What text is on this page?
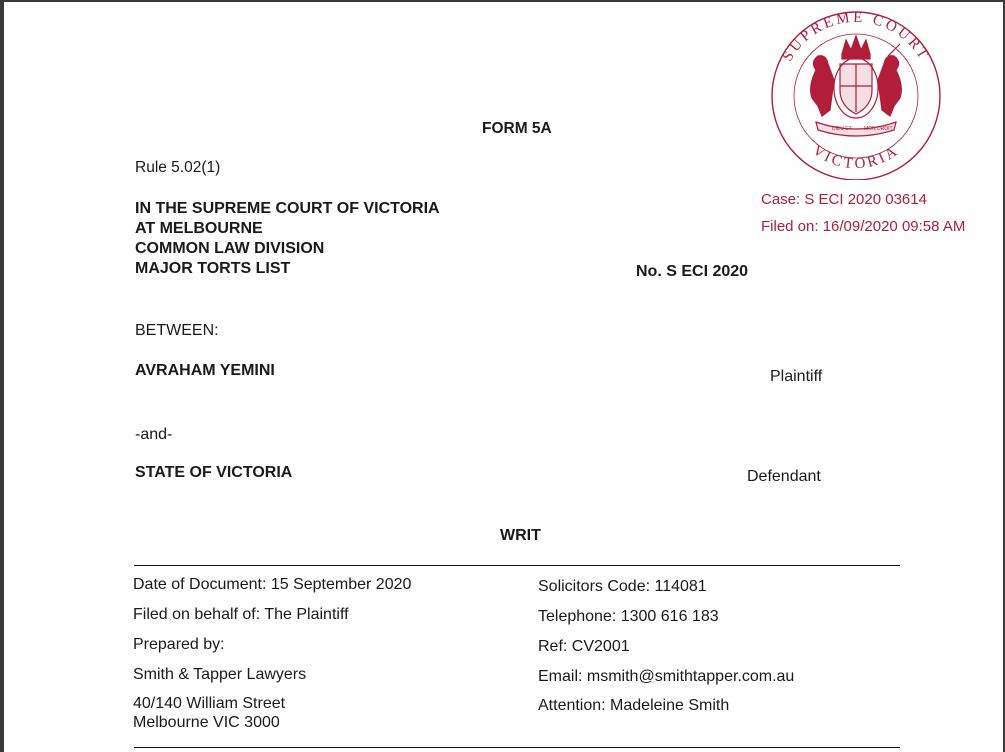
FORM 5A
Rule 5.02(1)
IN THE SUPREME COURT OF VICTORIA
AT MELBOURNE
COMMON LAW DIVISION
MAJOR TORTS LIST	No. S ECI 2020
SUPREME COURT
VICTORIA
DIEU ET MON DROIT
Case: S ECI 2020 03614
Filed on: 16/09/2020 09:58 AM
BETWEEN:
AVRAHAM YEMINI	Plaintiff
-and-
STATE OF VICTORIA	Defendant
WRIT
Date of Document: 15 September 2020
Filed on behalf of: The Plaintiff
Prepared by:
Smith & Tapper Lawyers
40/140 William Street
Melbourne VIC 3000
Solicitors Code: 114081
Telephone: 1300 616 183
Ref: CV2001
Email: msmith@smithtapper.com.au
Attention: Madeleine Smith
